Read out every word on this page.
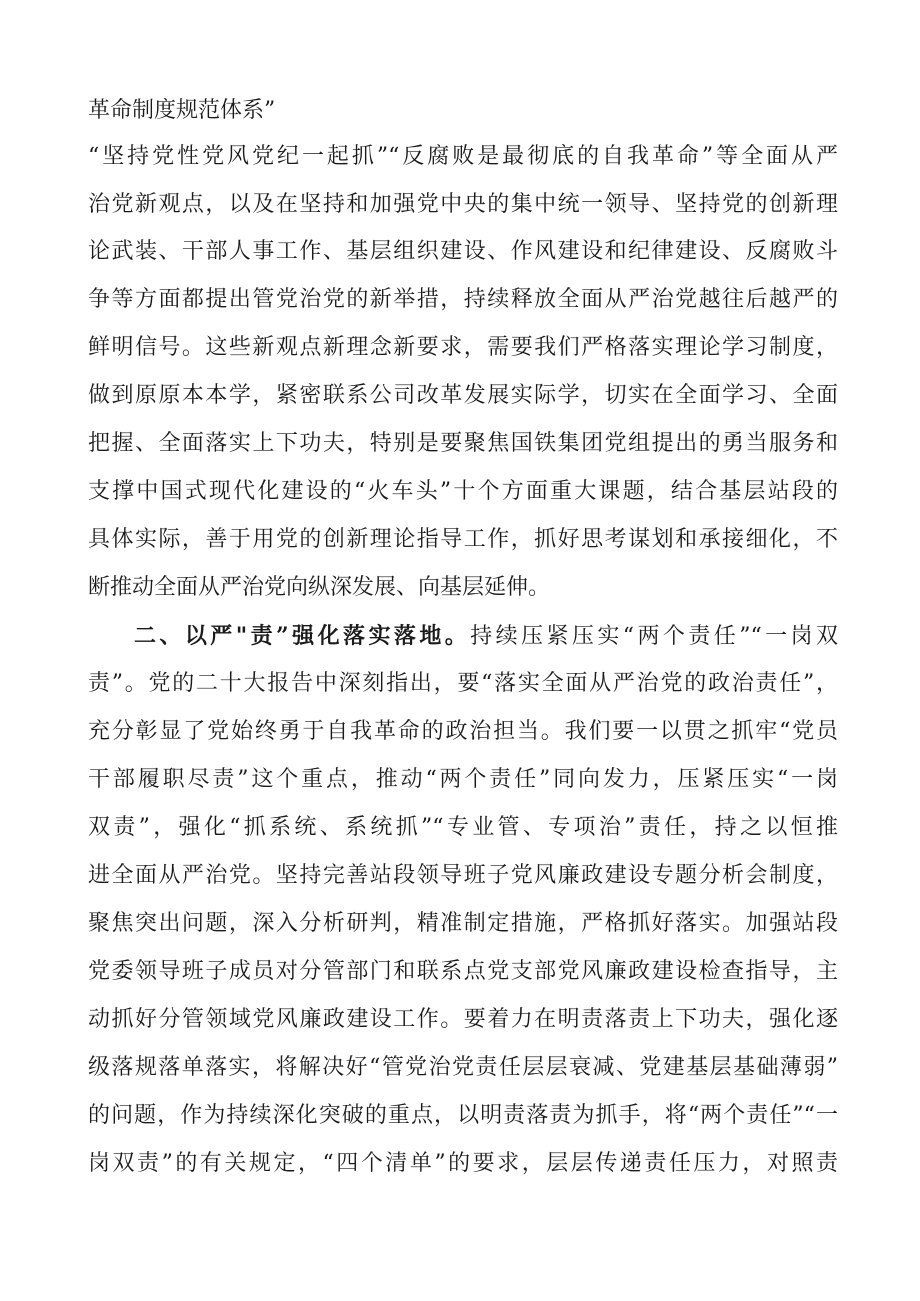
革命制度规范体系”
“坚持党性党风党纪一起抓”“反腐败是最彻底的自我革命”等全面从严
治党新观点，以及在坚持和加强党中央的集中统一领导、坚持党的创新理
论武装、干部人事工作、基层组织建设、作风建设和纪律建设、反腐败斗
争等方面都提出管党治党的新举措，持续释放全面从严治党越往后越严的
鲜明信号。这些新观点新理念新要求，需要我们严格落实理论学习制度，
做到原原本本学，紧密联系公司改革发展实际学，切实在全面学习、全面
把握、全面落实上下功夫，特别是要聚焦国铁集团党组提出的勇当服务和
支撑中国式现代化建设的“火车头”十个方面重大课题，结合基层站段的
具体实际，善于用党的创新理论指导工作，抓好思考谋划和承接细化，不
断推动全面从严治党向纵深发展、向基层延伸。
二、以严"责”强化落实落地。持续压紧压实“两个责任”“一岗双
责”。党的二十大报告中深刻指出，要“落实全面从严治党的政治责任”，
充分彰显了党始终勇于自我革命的政治担当。我们要一以贯之抓牢“党员
干部履职尽责”这个重点，推动“两个责任”同向发力，压紧压实“一岗
双责”，强化“抓系统、系统抓”“专业管、专项治”责任，持之以恒推
进全面从严治党。坚持完善站段领导班子党风廉政建设专题分析会制度，
聚焦突出问题，深入分析研判，精准制定措施，严格抓好落实。加强站段
党委领导班子成员对分管部门和联系点党支部党风廉政建设检查指导，主
动抓好分管领域党风廉政建设工作。要着力在明责落责上下功夫，强化逐
级落规落单落实，将解决好“管党治党责任层层衰减、党建基层基础薄弱”
的问题，作为持续深化突破的重点，以明责落责为抓手，将“两个责任”“一
岗双责”的有关规定，“四个清单”的要求，层层传递责任压力，对照责
